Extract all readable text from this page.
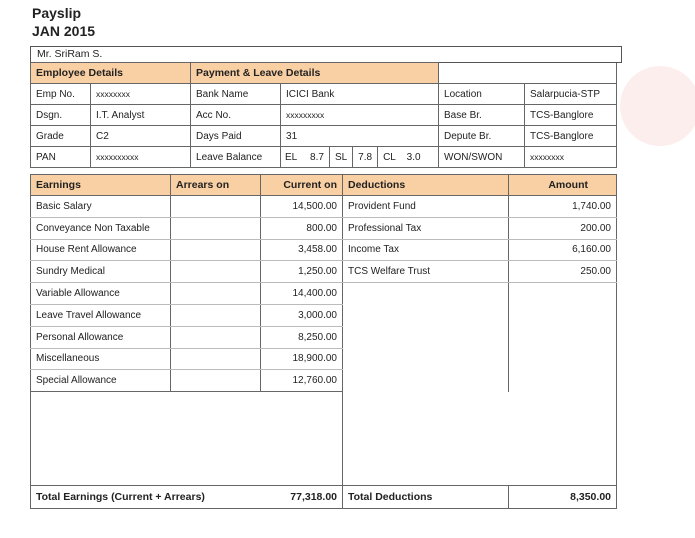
Payslip
JAN 2015
Mr. SriRam S.
Employee Details		Payment & Leave Details			
Emp No.	xxxxxxxx	Bank Name	ICICI Bank	Location	Salarpucia-STP
Dsgn.	I.T. Analyst	Acc No.	xxxxxxxxx	Base Br.	TCS-Banglore
Grade	C2	Days Paid	31	Depute Br.	TCS-Banglore
PAN	xxxxxxxxxx	Leave Balance	EL 8.7 SL 7.8 CL 3.0	WON/SWON	xxxxxxxx
Earnings	Arrears on	Current on	Deductions	Amount
Basic Salary		14,500.00	Provident Fund	1,740.00
Conveyance Non Taxable		800.00	Professional Tax	200.00
House Rent Allowance		3,458.00	Income Tax	6,160.00
Sundry Medical		1,250.00	TCS Welfare Trust	250.00
Variable Allowance		14,400.00		
Leave Travel Allowance		3,000.00		
Personal Allowance		8,250.00		
Miscellaneous		18,900.00		
Special Allowance		12,760.00		

Total Earnings (Current + Arrears)		77,318.00	Total Deductions	8,350.00
